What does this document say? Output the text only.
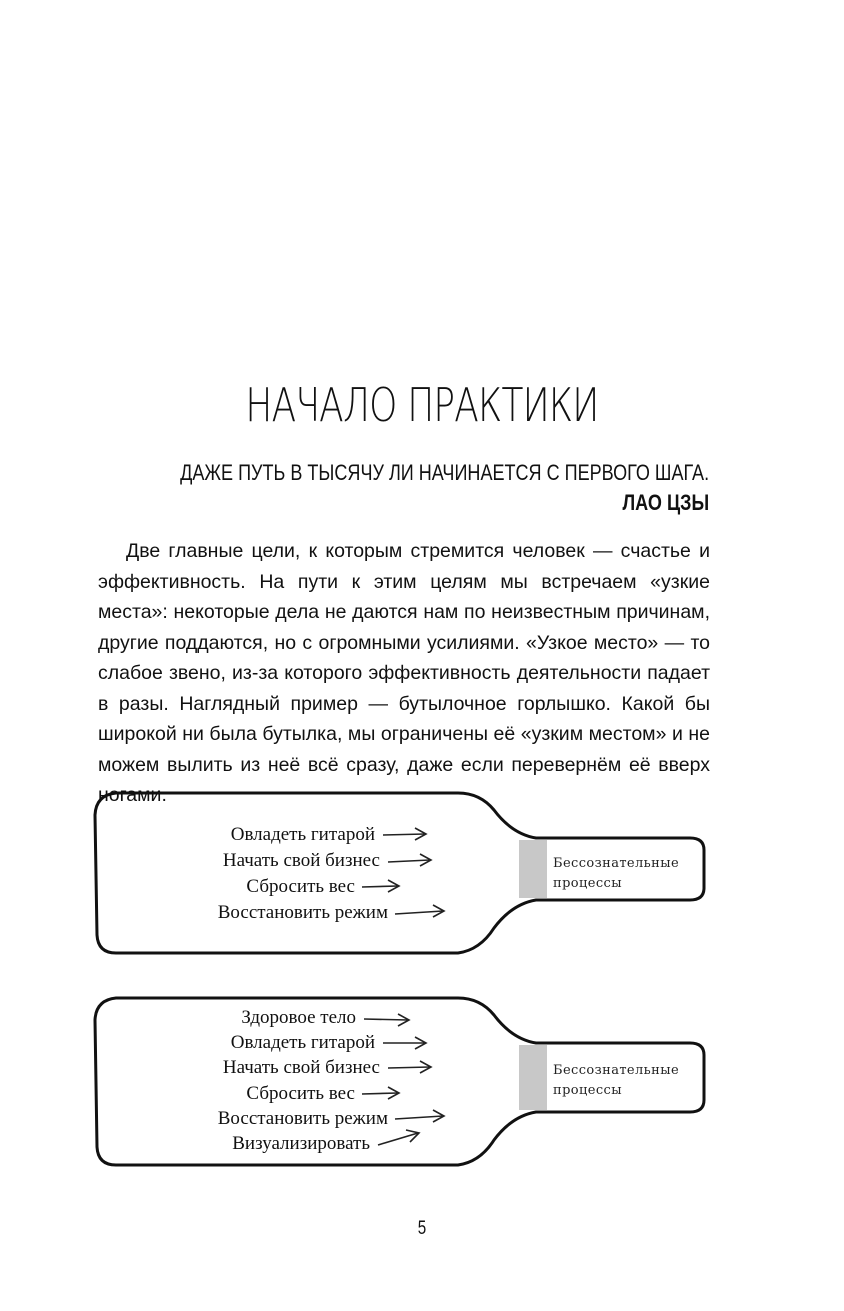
НАЧАЛО ПРАКТИКИ
ДАЖЕ ПУТЬ В ТЫСЯЧУ ЛИ НАЧИНАЕТСЯ С ПЕРВОГО ШАГА.
ЛАО ЦЗЫ

Две главные цели, к которым стремится человек — счастье и эффективность. На пути к этим целям мы встречаем «узкие места»: некоторые дела не даются нам по неизвестным причинам, другие поддаются, но с огромными усилиями. «Узкое место» — то слабое звено, из-за которого эффективность деятельности падает в разы. Наглядный пример — бутылочное горлышко. Какой бы широкой ни была бутылка, мы ограничены её «узким местом» и не можем вылить из неё всё сразу, даже если перевернём её вверх ногами.

Овладеть гитарой
Начать свой бизнес
Сбросить вес
Восстановить режим
Бессознательные
процессы
Здоровое тело
Овладеть гитарой
Начать свой бизнес
Сбросить вес
Восстановить режим
Визуализировать
Бессознательные
процессы
5
